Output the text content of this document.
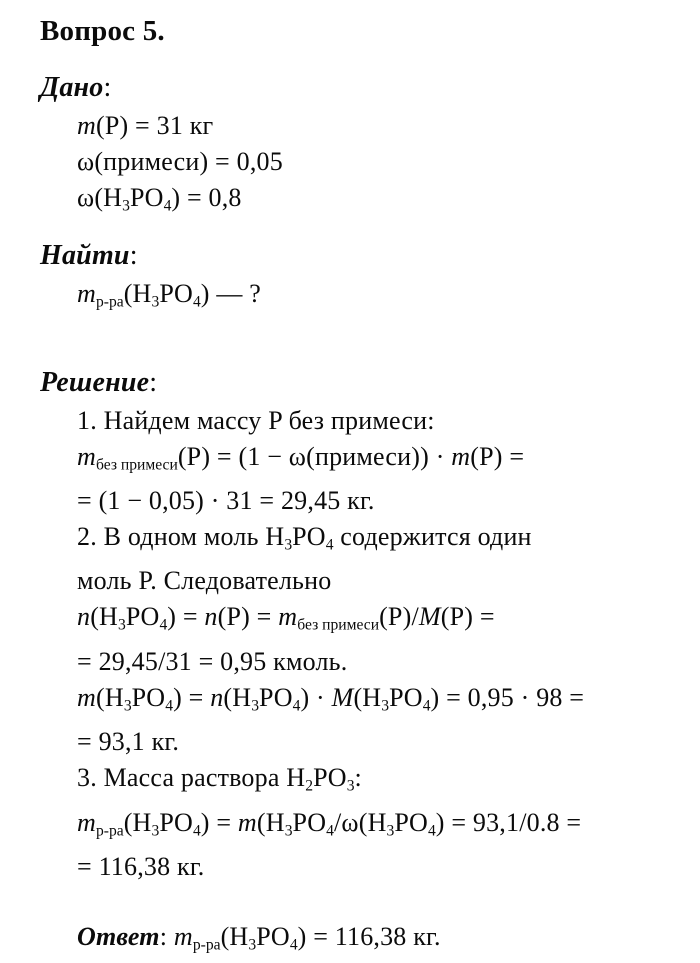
Вопрос 5.
Дано:
m(P) = 31 кг
ω(примеси) = 0,05
ω(H3PO4) = 0,8
Найти:
mр-ра(H3PO4) — ?
Решение:
1. Найдем массу P без примеси:
mбез примеси(P) = (1 − ω(примеси)) · m(P) =
= (1 − 0,05) · 31 = 29,45 кг.
2. В одном моль H3PO4 содержится один
моль P. Следовательно
n(H3PO4) = n(P) = mбез примеси(P)/M(P) =
= 29,45/31 = 0,95 кмоль.
m(H3PO4) = n(H3PO4) · M(H3PO4) = 0,95 · 98 =
= 93,1 кг.
3. Масса раствора H2PO3:
mр-ра(H3PO4) = m(H3PO4/ω(H3PO4) = 93,1/0.8 =
= 116,38 кг.
Ответ: mр-ра(H3PO4) = 116,38 кг.
